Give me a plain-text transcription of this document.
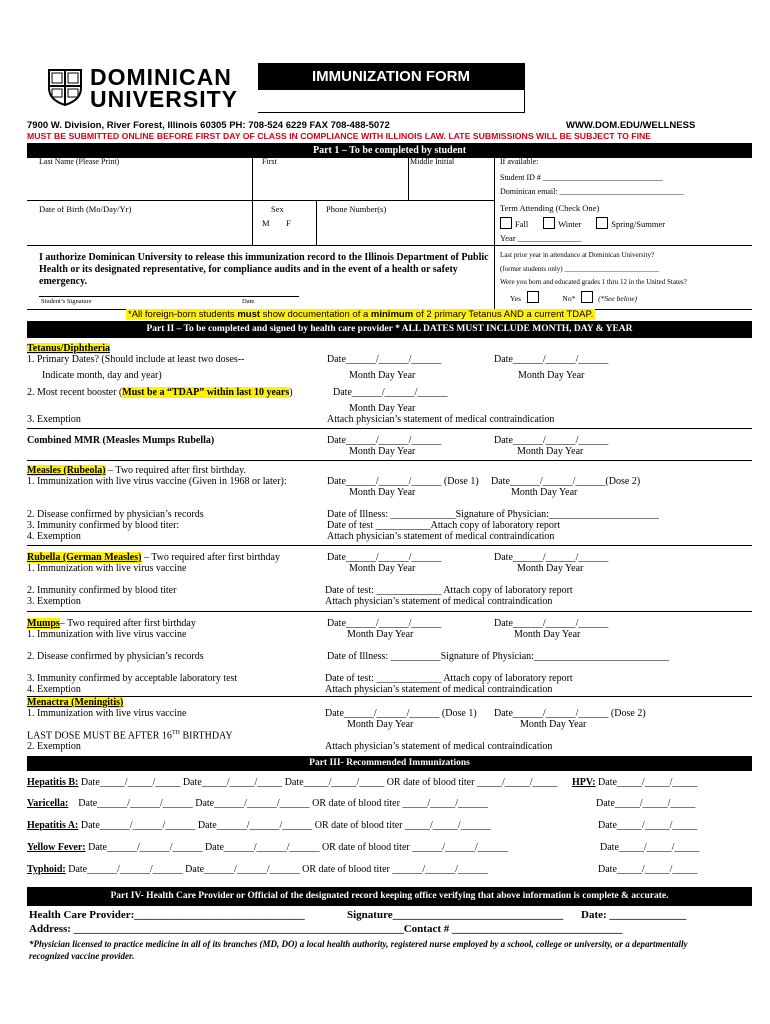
DOMINICAN
UNIVERSITY
IMMUNIZATION FORM
7900 W. Division, River Forest, Illinois 60305 PH: 708-524 6229 FAX 708-488-5072	WWW.DOM.EDU/WELLNESS
MUST BE SUBMITTED ONLINE BEFORE FIRST DAY OF CLASS IN COMPLIANCE WITH ILLINOIS LAW. LATE SUBMISSIONS WILL BE SUBJECT TO FINE
Part 1 – To be completed by student
Last Name (Please Print)	First	Middle Initial	If available:
Student ID # ______________________________
Dominican email: _______________________________
Date of Birth (Mo/Day/Yr)	Sex
M F
Phone Number(s)	Term Attending (Check One)
Fall	Winter	Spring/Summer
Year _______________
I authorize Dominican University to release this immunization record to the Illinois Department of Public Health or its designated representative, for compliance audits and in the event of a health or safety emergency.
Student’s Signature	Date
Last prior year in attendance at Dominican University?
(former students only) ___________________________
Were you born and educated grades 1 thru 12 in the United States?
Yes	No*	(*See below)
*All foreign-born students must show documentation of a minimum of 2 primary Tetanus AND a current TDAP.
Part II – To be completed and signed by health care provider * ALL DATES MUST INCLUDE MONTH, DAY & YEAR
Tetanus/Diphtheria
1. Primary Dates? (Should include at least two doses--	Date______/______/______	Date______/______/______
Indicate month, day and year)	Month Day Year	Month Day Year
2. Most recent booster (Must be a “TDAP” within last 10 years)	Date______/______/______
Month Day Year
3. Exemption	Attach physician’s statement of medical contraindication
Combined MMR (Measles Mumps Rubella)	Date______/______/______	Date______/______/______
Month Day Year	Month Day Year
Measles (Rubeola) – Two required after first birthday.
1. Immunization with live virus vaccine (Given in 1968 or later):	Date______/______/______ (Dose 1) Date______/______/______(Dose 2)
Month Day Year	Month Day Year
2. Disease confirmed by physician’s records	Date of Illness: _____________Signature of Physician:______________________
3. Immunity confirmed by blood titer:	Date of test ___________Attach copy of laboratory report
4. Exemption	Attach physician’s statement of medical contraindication
Rubella (German Measles) – Two required after first birthday	Date______/______/______	Date______/______/______
1. Immunization with live virus vaccine	Month Day Year	Month Day Year
2. Immunity confirmed by blood titer	Date of test: _____________ Attach copy of laboratory report
3. Exemption	Attach physician’s statement of medical contraindication
Mumps– Two required after first birthday	Date______/______/______	Date______/______/______
1. Immunization with live virus vaccine	Month Day Year	Month Day Year
2. Disease confirmed by physician’s records	Date of Illness: __________Signature of Physician:___________________________
3. Immunity confirmed by acceptable laboratory test	Date of test: _____________ Attach copy of laboratory report
4. Exemption	Attach physician’s statement of medical contraindication
Menactra (Meningitis)
1. Immunization with live virus vaccine	Date______/______/______ (Dose 1) Date______/______/______ (Dose 2)
Month Day Year	Month Day Year
LAST DOSE MUST BE AFTER 16TH BIRTHDAY
2. Exemption	Attach physician’s statement of medical contraindication
Part III- Recommended Immunizations
Hepatitis B: Date_____/_____/_____ Date_____/_____/_____ Date_____/_____/_____ OR date of blood titer _____/_____/_____ HPV: Date_____/_____/_____
Varicella: Date______/______/______ Date______/______/______ OR date of blood titer _____/_____/______	Date_____/_____/_____
Hepatitis A: Date______/______/______ Date______/______/______ OR date of blood titer _____/_____/______	Date_____/_____/_____
Yellow Fever: Date______/______/______ Date______/______/______ OR date of blood titer ______/______/______	Date_____/_____/_____
Typhoid: Date______/______/______ Date______/______/______ OR date of blood titer ______/______/______	Date_____/_____/_____
Part IV- Health Care Provider or Official of the designated record keeping office verifying that above information is complete & accurate.
Health Care Provider:_______________________________	Signature_______________________________ Date: ______________
Address: ____________________________________________________________Contact # _______________________________
*Physician licensed to practice medicine in all of its branches (MD, DO) a local health authority, registered nurse employed by a school, college or university, or a departmentally recognized vaccine provider.
